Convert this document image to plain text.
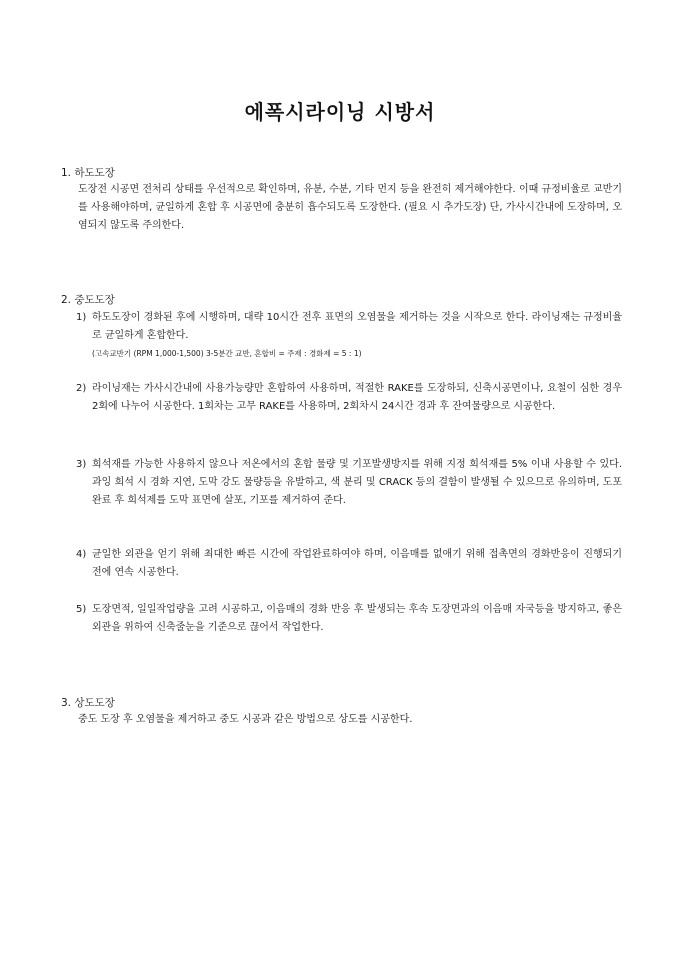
에폭시라이닝 시방서
1. 하도도장
도장전 시공면 전처리 상태를 우선적으로 확인하며, 유분, 수분, 기타 먼지 등을 완전히 제거해야한다. 이때 규정비율로 교반기를 사용해야하며, 균일하게 혼합 후 시공면에 충분히 흡수되도록 도장한다. (필요 시 추가도장) 단, 가사시간내에 도장하며, 오염되지 않도록 주의한다.
2. 중도도장
1) 하도도장이 경화된 후에 시행하며, 대략 10시간 전후 표면의 오염물을 제거하는 것을 시작으로 한다. 라이닝재는 규정비율로 균일하게 혼합한다.
(고속교반기 (RPM 1,000-1,500) 3-5분간 교반, 혼합비 = 주제 : 경화제 = 5 : 1)
2) 라이닝재는 가사시간내에 사용가능량만 혼합하여 사용하며, 적절한 RAKE를 도장하되, 신축시공면이나, 요철이 심한 경우 2회에 나누어 시공한다. 1회차는 고무 RAKE를 사용하며, 2회차시 24시간 경과 후 잔여물량으로 시공한다.
3) 희석재를 가능한 사용하지 않으나 저온에서의 혼합 물량 및 기포발생방지를 위해 지정 희석재를 5% 이내 사용할 수 있다. 과잉 희석 시 경화 지연, 도막 강도 물량등을 유발하고, 색 분리 및 CRACK 등의 결함이 발생될 수 있으므로 유의하며, 도포 완료 후 희석제를 도막 표면에 살포, 기포를 제거하여 준다.
4) 균일한 외관을 얻기 위해 최대한 빠른 시간에 작업완료하여야 하며, 이음매를 없애기 위해 접촉면의 경화반응이 진행되기 전에 연속 시공한다.
5) 도장면적, 일일작업량을 고려 시공하고, 이음매의 경화 반응 후 발생되는 후속 도장면과의 이음매 자국등을 방지하고, 좋은 외관을 위하여 신축줄눈을 기준으로 끊어서 작업한다.
3. 상도도장
중도 도장 후 오염물을 제거하고 중도 시공과 같은 방법으로 상도를 시공한다.
